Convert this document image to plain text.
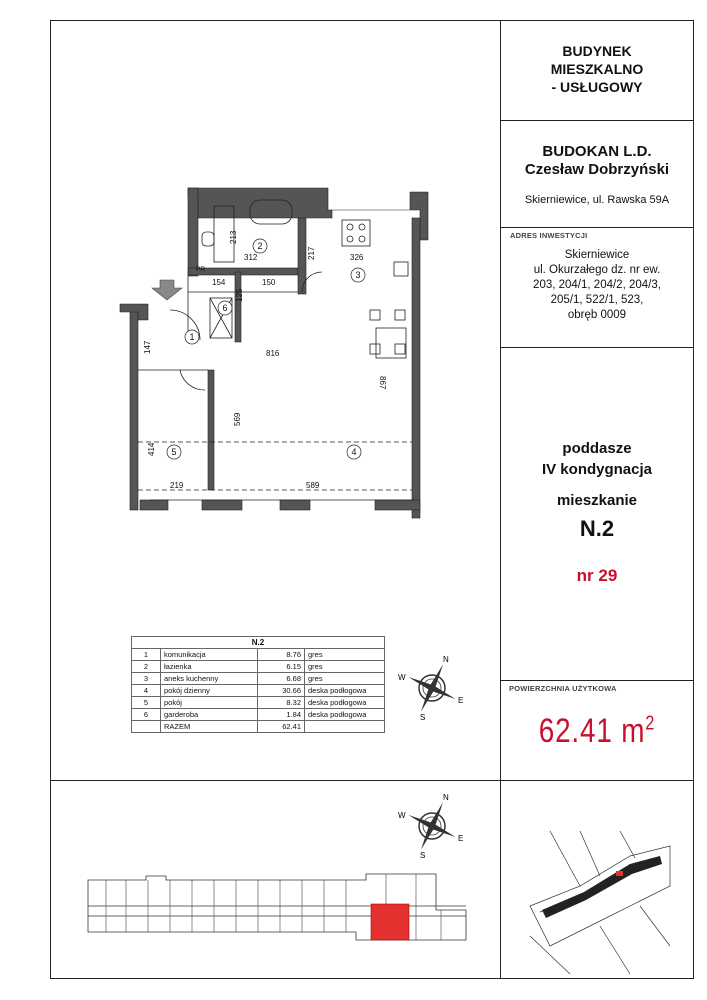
BUDYNEK
MIESZKALNO
- USŁUGOWY
BUDOKAN L.D.
Czesław Dobrzyński
Skierniewice, ul. Rawska 59A
ADRES INWESTYCJI
Skierniewice
ul. Okurzałego dz. nr ew.
203, 204/1, 204/2, 204/3,
205/1, 522/1, 523,
obręb 0009
poddasze
IV kondygnacja
mieszkanie
N.2
nr 29
POWIERZCHNIA UŻYTKOWA
62.41 $m^2$
1
2
3
4
5
6
213
312	217	326
PR
154	150
125
147	816
867
569
414
219	589
N.2			
1	komunikacja	8.76	gres
2	łazienka	6.15	gres
3	aneks kuchenny	6.68	gres
4	pokój dzienny	30.66	deska podłogowa
5	pokój	8.32	deska podłogowa
6	garderoba	1.84	deska podłogowa
	RAZEM	62.41	
N
E
S
W
N
E
S
W
